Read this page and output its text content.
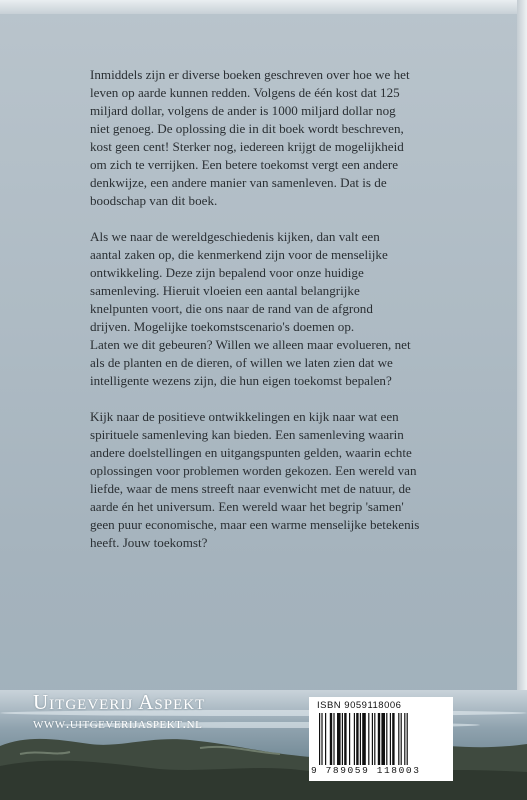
Inmiddels zijn er diverse boeken geschreven over hoe we het
leven op aarde kunnen redden. Volgens de één kost dat 125
miljard dollar, volgens de ander is 1000 miljard dollar nog
niet genoeg. De oplossing die in dit boek wordt beschreven,
kost geen cent! Sterker nog, iedereen krijgt de mogelijkheid
om zich te verrijken. Een betere toekomst vergt een andere
denkwijze, een andere manier van samenleven. Dat is de
boodschap van dit boek.

Als we naar de wereldgeschiedenis kijken, dan valt een
aantal zaken op, die kenmerkend zijn voor de menselijke
ontwikkeling. Deze zijn bepalend voor onze huidige
samenleving. Hieruit vloeien een aantal belangrijke
knelpunten voort, die ons naar de rand van de afgrond
drijven. Mogelijke toekomstscenario's doemen op.
Laten we dit gebeuren? Willen we alleen maar evolueren, net
als de planten en de dieren, of willen we laten zien dat we
intelligente wezens zijn, die hun eigen toekomst bepalen?

Kijk naar de positieve ontwikkelingen en kijk naar wat een
spirituele samenleving kan bieden. Een samenleving waarin
andere doelstellingen en uitgangspunten gelden, waarin echte
oplossingen voor problemen worden gekozen. Een wereld van
liefde, waar de mens streeft naar evenwicht met de natuur, de
aarde én het universum. Een wereld waar het begrip 'samen'
geen puur economische, maar een warme menselijke betekenis
heeft. Jouw toekomst?

Uitgeverij Aspekt
www.uitgeverijaspekt.nl
ISBN 9059118006
9 789059 118003
